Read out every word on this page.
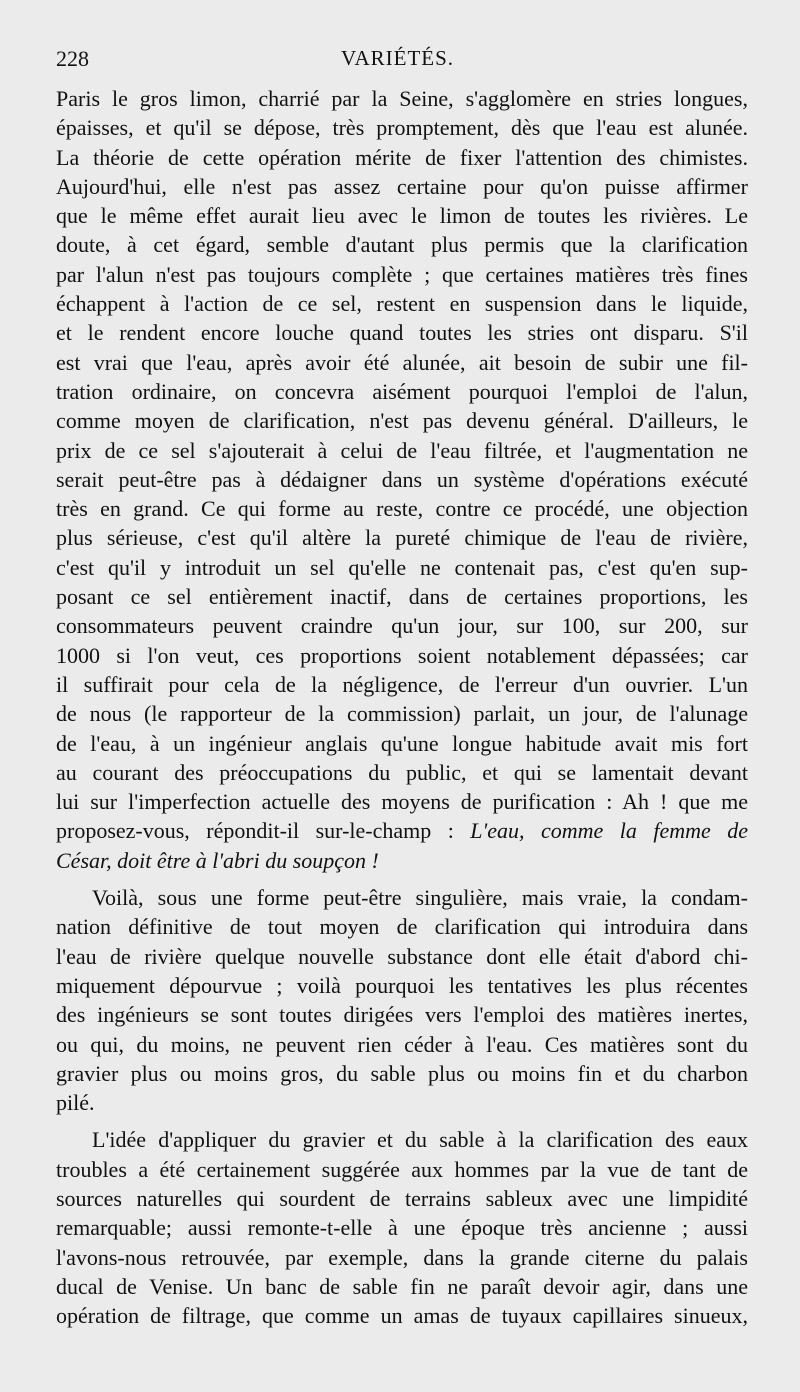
228	VARIÉTÉS.
Paris le gros limon, charrié par la Seine, s'agglomère en stries longues,
épaisses, et qu'il se dépose, très promptement, dès que l'eau est alunée.
La théorie de cette opération mérite de fixer l'attention des chimistes.
Aujourd'hui, elle n'est pas assez certaine pour qu'on puisse affirmer
que le même effet aurait lieu avec le limon de toutes les rivières. Le
doute, à cet égard, semble d'autant plus permis que la clarification
par l'alun n'est pas toujours complète ; que certaines matières très fines
échappent à l'action de ce sel, restent en suspension dans le liquide,
et le rendent encore louche quand toutes les stries ont disparu. S'il
est vrai que l'eau, après avoir été alunée, ait besoin de subir une fil-
tration ordinaire, on concevra aisément pourquoi l'emploi de l'alun,
comme moyen de clarification, n'est pas devenu général. D'ailleurs, le
prix de ce sel s'ajouterait à celui de l'eau filtrée, et l'augmentation ne
serait peut-être pas à dédaigner dans un système d'opérations exécuté
très en grand. Ce qui forme au reste, contre ce procédé, une objection
plus sérieuse, c'est qu'il altère la pureté chimique de l'eau de rivière,
c'est qu'il y introduit un sel qu'elle ne contenait pas, c'est qu'en sup-
posant ce sel entièrement inactif, dans de certaines proportions, les
consommateurs peuvent craindre qu'un jour, sur 100, sur 200, sur
1000 si l'on veut, ces proportions soient notablement dépassées; car
il suffirait pour cela de la négligence, de l'erreur d'un ouvrier. L'un
de nous (le rapporteur de la commission) parlait, un jour, de l'alunage
de l'eau, à un ingénieur anglais qu'une longue habitude avait mis fort
au courant des préoccupations du public, et qui se lamentait devant
lui sur l'imperfection actuelle des moyens de purification : Ah ! que me
proposez-vous, répondit-il sur-le-champ : L'eau, comme la femme de
César, doit être à l'abri du soupçon !
Voilà, sous une forme peut-être singulière, mais vraie, la condam-
nation définitive de tout moyen de clarification qui introduira dans
l'eau de rivière quelque nouvelle substance dont elle était d'abord chi-
miquement dépourvue ; voilà pourquoi les tentatives les plus récentes
des ingénieurs se sont toutes dirigées vers l'emploi des matières inertes,
ou qui, du moins, ne peuvent rien céder à l'eau. Ces matières sont du
gravier plus ou moins gros, du sable plus ou moins fin et du charbon
pilé.
L'idée d'appliquer du gravier et du sable à la clarification des eaux
troubles a été certainement suggérée aux hommes par la vue de tant de
sources naturelles qui sourdent de terrains sableux avec une limpidité
remarquable; aussi remonte-t-elle à une époque très ancienne ; aussi
l'avons-nous retrouvée, par exemple, dans la grande citerne du palais
ducal de Venise. Un banc de sable fin ne paraît devoir agir, dans une
opération de filtrage, que comme un amas de tuyaux capillaires sinueux,
